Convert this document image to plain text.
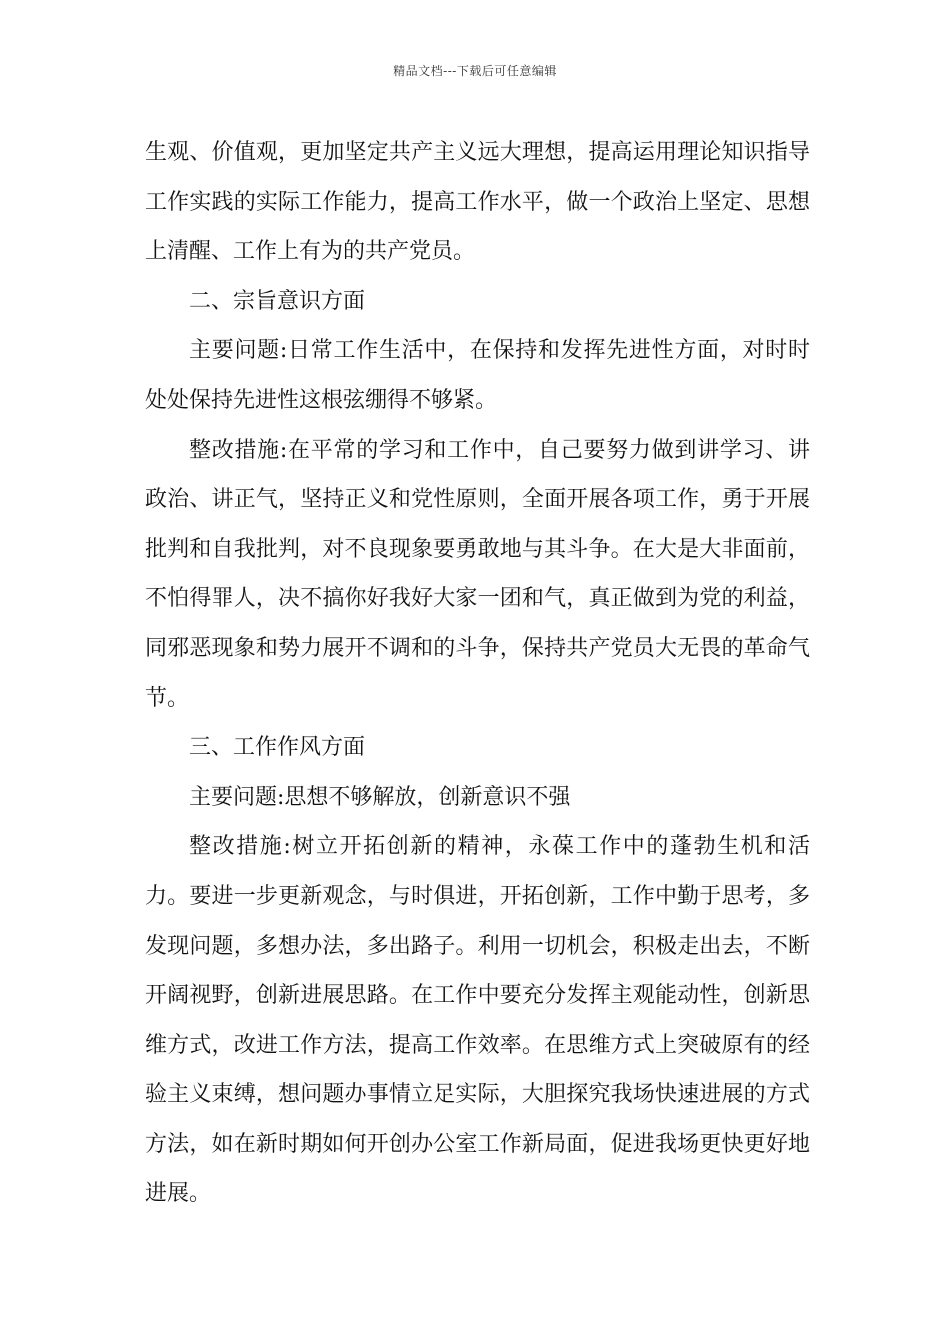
精品文档---下载后可任意编辑

生观、价值观，更加坚定共产主义远大理想，提高运用理论知识指导工作实践的实际工作能力，提高工作水平，做一个政治上坚定、思想上清醒、工作上有为的共产党员。

二、宗旨意识方面

主要问题:日常工作生活中，在保持和发挥先进性方面，对时时处处保持先进性这根弦绷得不够紧。

整改措施:在平常的学习和工作中，自己要努力做到讲学习、讲政治、讲正气，坚持正义和党性原则，全面开展各项工作，勇于开展批判和自我批判，对不良现象要勇敢地与其斗争。在大是大非面前，不怕得罪人，决不搞你好我好大家一团和气，真正做到为党的利益，同邪恶现象和势力展开不调和的斗争，保持共产党员大无畏的革命气节。

三、工作作风方面

主要问题:思想不够解放，创新意识不强

整改措施:树立开拓创新的精神，永葆工作中的蓬勃生机和活力。要进一步更新观念，与时俱进，开拓创新，工作中勤于思考，多发现问题，多想办法，多出路子。利用一切机会，积极走出去，不断开阔视野，创新进展思路。在工作中要充分发挥主观能动性，创新思维方式，改进工作方法，提高工作效率。在思维方式上突破原有的经验主义束缚，想问题办事情立足实际，大胆探究我场快速进展的方式方法，如在新时期如何开创办公室工作新局面，促进我场更快更好地进展。
